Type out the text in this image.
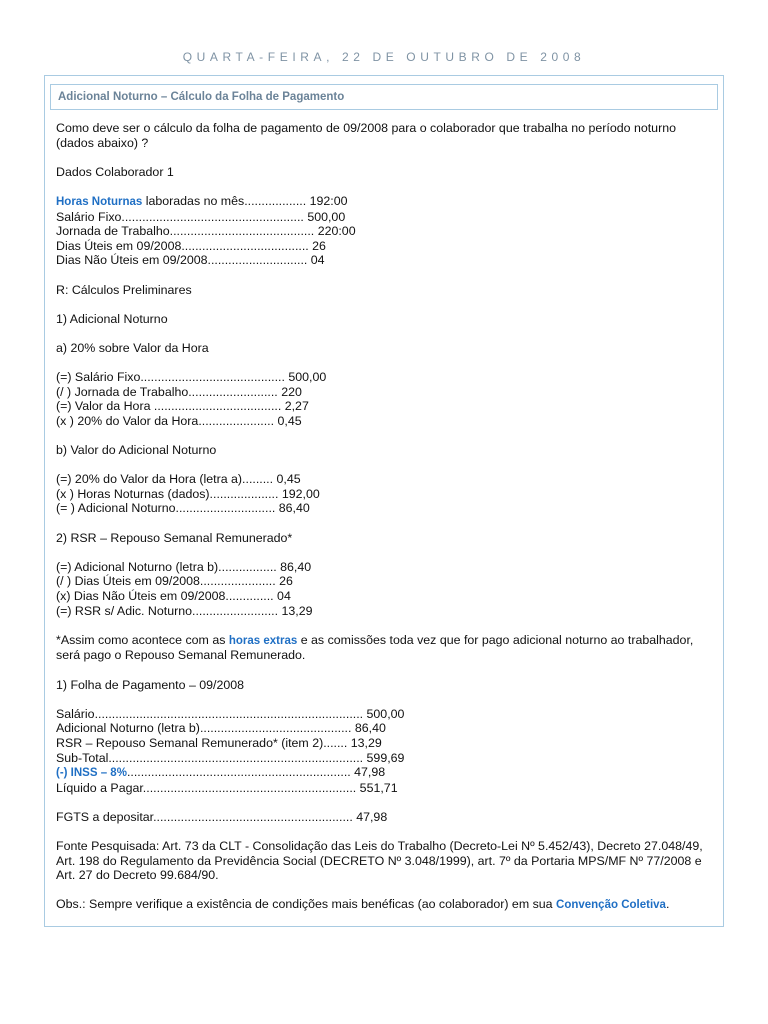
QUARTA-FEIRA, 22 DE OUTUBRO DE 2008
Adicional Noturno – Cálculo da Folha de Pagamento

Como deve ser o cálculo da folha de pagamento de 09/2008 para o colaborador que trabalha no período noturno (dados abaixo) ?

Dados Colaborador 1

Horas Noturnas laboradas no mês.................. 192:00
Salário Fixo..................................................... 500,00
Jornada de Trabalho.......................................... 220:00
Dias Úteis em 09/2008..................................... 26
Dias Não Úteis em 09/2008............................. 04

R: Cálculos Preliminares

1) Adicional Noturno

a) 20% sobre Valor da Hora

(=) Salário Fixo.......................................... 500,00
(/ ) Jornada de Trabalho.......................... 220
(=) Valor da Hora ..................................... 2,27
(x ) 20% do Valor da Hora...................... 0,45

b) Valor do Adicional Noturno

(=) 20% do Valor da Hora (letra a)......... 0,45
(x ) Horas Noturnas (dados).................... 192,00
(= ) Adicional Noturno............................. 86,40

2) RSR – Repouso Semanal Remunerado*

(=) Adicional Noturno (letra b)................. 86,40
(/ ) Dias Úteis em 09/2008...................... 26
(x) Dias Não Úteis em 09/2008.............. 04
(=) RSR s/ Adic. Noturno......................... 13,29

*Assim como acontece com as horas extras e as comissões toda vez que for pago adicional noturno ao trabalhador, será pago o Repouso Semanal Remunerado.

1) Folha de Pagamento – 09/2008

Salário.............................................................................. 500,00
Adicional Noturno (letra b)............................................ 86,40
RSR – Repouso Semanal Remunerado* (item 2)....... 13,29
Sub-Total.......................................................................... 599,69
(-) INSS – 8%................................................................. 47,98
Líquido a Pagar.............................................................. 551,71

FGTS a depositar.......................................................... 47,98

Fonte Pesquisada: Art. 73 da CLT - Consolidação das Leis do Trabalho (Decreto-Lei Nº 5.452/43), Decreto 27.048/49, Art. 198 do Regulamento da Previdência Social (DECRETO Nº 3.048/1999), art. 7º da Portaria MPS/MF Nº 77/2008 e Art. 27 do Decreto 99.684/90.

Obs.: Sempre verifique a existência de condições mais benéficas (ao colaborador) em sua Convenção Coletiva.
